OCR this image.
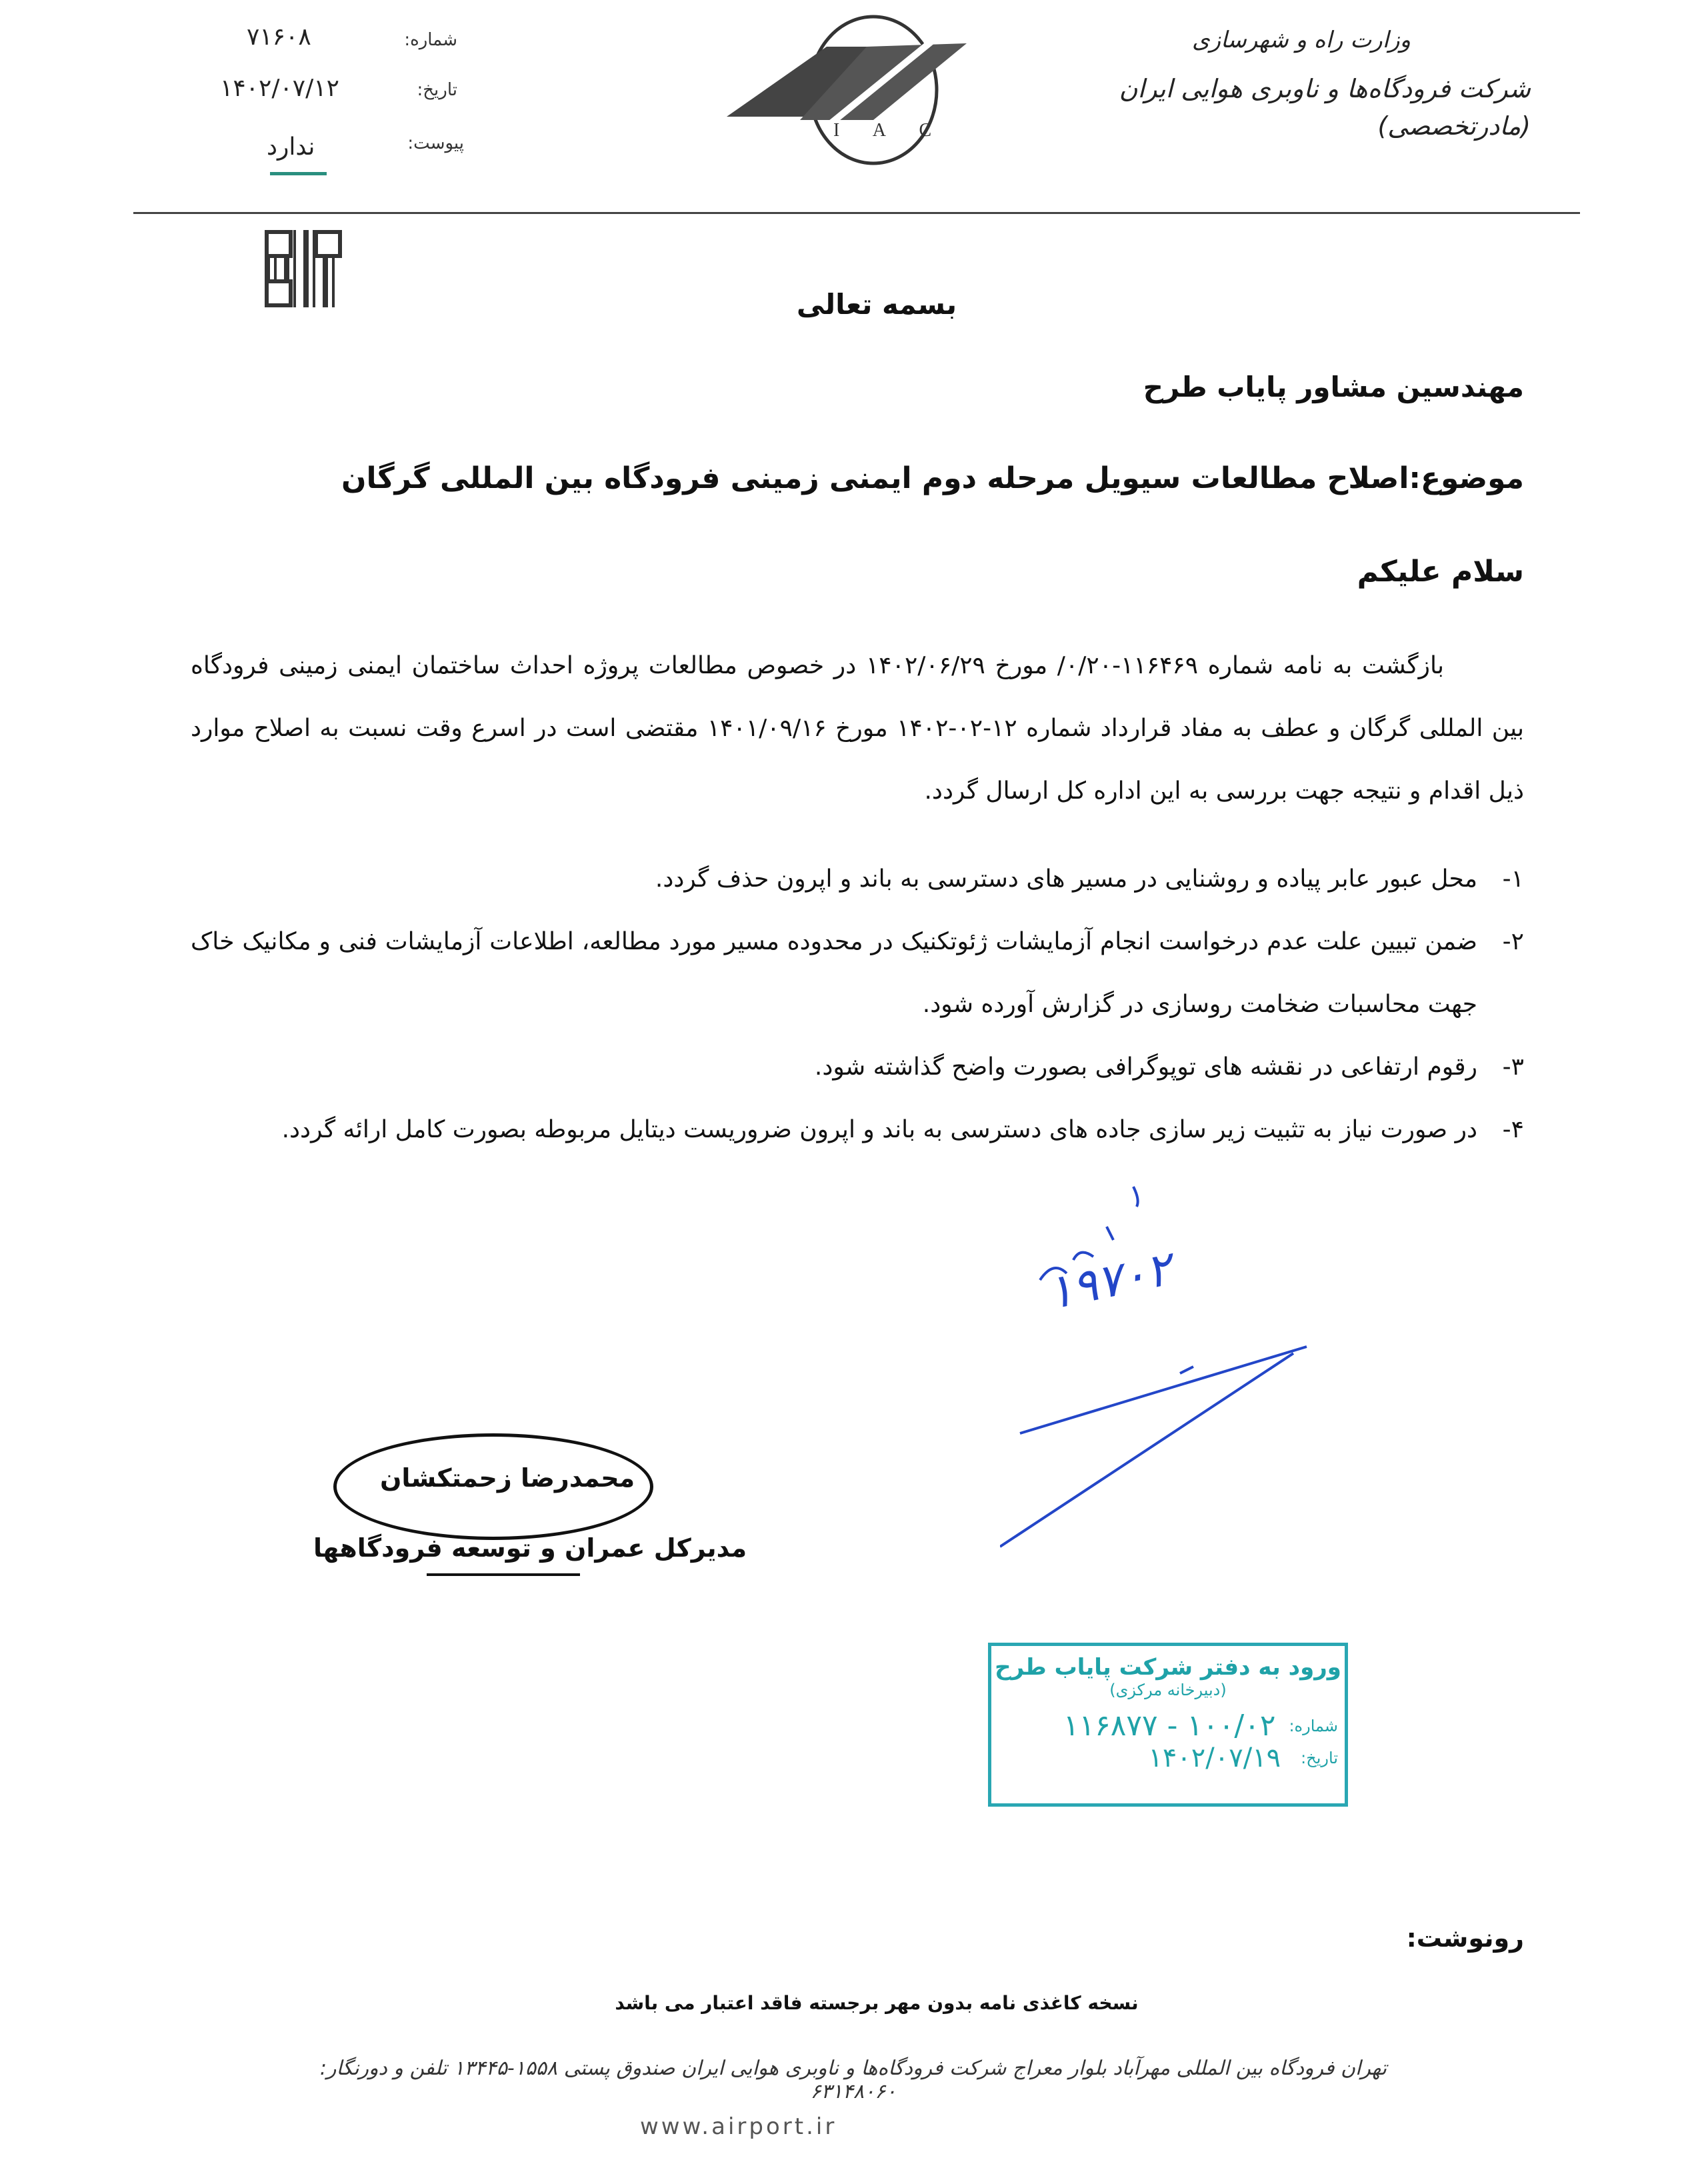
وزارت راه و شهرسازی
شرکت فرودگاه‌ها و ناوبری هوایی ایران (مادرتخصصی)
I A C
شماره:
۷۱۶۰۸
تاریخ:
۱۴۰۲/۰۷/۱۲
پیوست:
ندارد
بسمه تعالی
مهندسین مشاور پایاب طرح
موضوع:اصلاح مطالعات سیویل مرحله دوم ایمنی زمینی فرودگاه بین المللی گرگان
سلام علیکم
بازگشت به نامه شماره ۱۱۶۴۶۹-۰/۲۰/ مورخ ۱۴۰۲/۰۶/۲۹ در خصوص مطالعات پروژه احداث ساختمان ایمنی زمینی فرودگاه بین المللی گرگان و عطف به مفاد قرارداد شماره ۱۲-۰۲-۱۴۰۲ مورخ ۱۴۰۱/۰۹/۱۶ مقتضی است در اسرع وقت نسبت به اصلاح موارد ذیل اقدام و نتیجه جهت بررسی به این اداره کل ارسال گردد.
۱-
محل عبور عابر پیاده و روشنایی در مسیر های دسترسی به باند و اپرون حذف گردد.
۲-
ضمن تبیین علت عدم درخواست انجام آزمایشات ژئوتکنیک در محدوده مسیر مورد مطالعه، اطلاعات آزمایشات فنی و مکانیک خاک جهت محاسبات ضخامت روسازی در گزارش آورده شود.
۳-
رقوم ارتفاعی در نقشه های توپوگرافی بصورت واضح گذاشته شود.
۴-
در صورت نیاز به تثبیت زیر سازی جاده های دسترسی به باند و اپرون ضروریست دیتایل مربوطه بصورت کامل ارائه گردد.
۱۹۷۰۲
محمدرضا زحمتکشان
مدیرکل عمران و توسعه فرودگاهها
ورود به دفتر شرکت پایاب طرح
(دبیرخانه مرکزی)
شماره:
۱۱۶۸۷۷ - ۱۰۰/۰۲
تاریخ:
۱۴۰۲/۰۷/۱۹
رونوشت:
نسخه کاغذی نامه بدون مهر برجسته فاقد اعتبار می باشد
تهران فرودگاه بین المللی مهرآباد بلوار معراج شرکت فرودگاه‌ها و ناوبری هوایی ایران صندوق پستی ۱۵۵۸-۱۳۴۴۵ تلفن و دورنگار: ۶۳۱۴۸۰۶۰
www.airport.ir
